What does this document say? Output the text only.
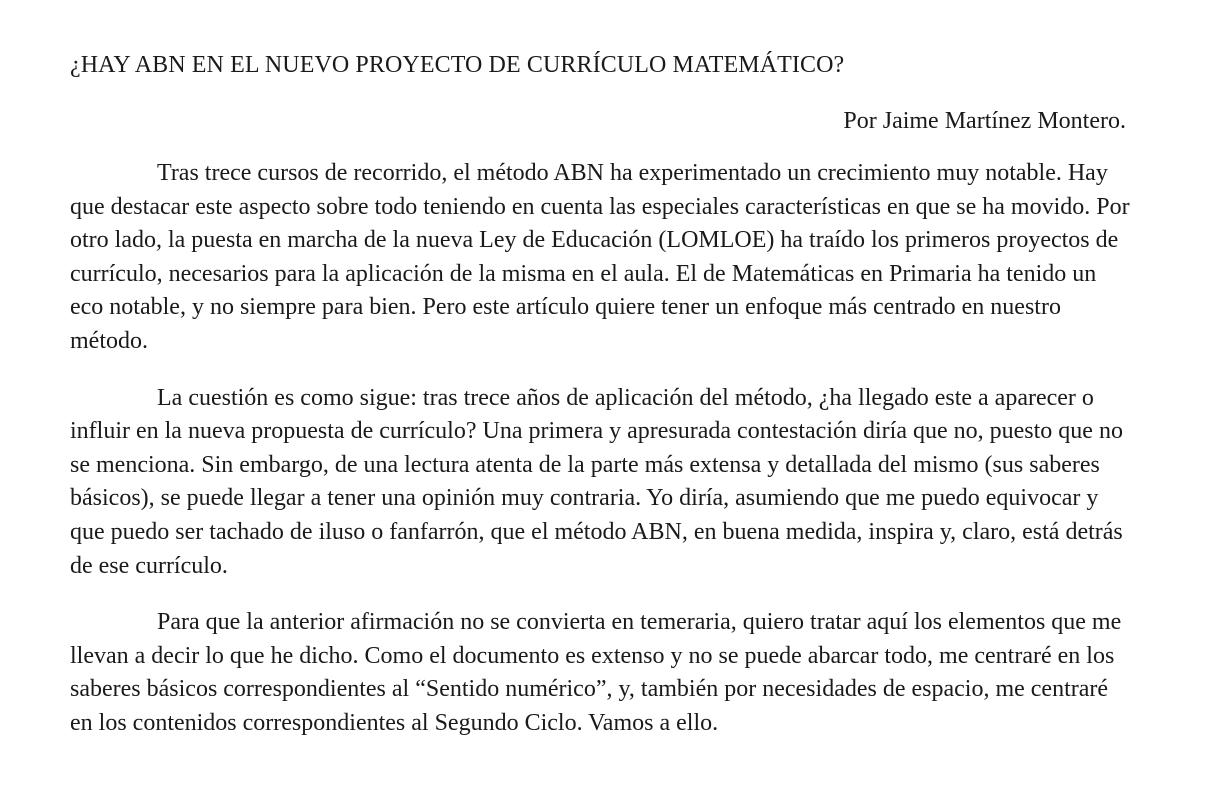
¿HAY ABN EN EL NUEVO PROYECTO DE CURRÍCULO MATEMÁTICO?

Por Jaime Martínez Montero.

Tras trece cursos de recorrido, el método ABN ha experimentado un crecimiento muy notable. Hay que destacar este aspecto sobre todo teniendo en cuenta las especiales características en que se ha movido. Por otro lado, la puesta en marcha de la nueva Ley de Educación (LOMLOE) ha traído los primeros proyectos de currículo, necesarios para la aplicación de la misma en el aula. El de Matemáticas en Primaria ha tenido un eco notable, y no siempre para bien. Pero este artículo quiere tener un enfoque más centrado en nuestro método.

La cuestión es como sigue: tras trece años de aplicación del método, ¿ha llegado este a aparecer o influir en la nueva propuesta de currículo? Una primera y apresurada contestación diría que no, puesto que no se menciona. Sin embargo, de una lectura atenta de la parte más extensa y detallada del mismo (sus saberes básicos), se puede llegar a tener una opinión muy contraria. Yo diría, asumiendo que me puedo equivocar y que puedo ser tachado de iluso o fanfarrón, que el método ABN, en buena medida, inspira y, claro, está detrás de ese currículo.

Para que la anterior afirmación no se convierta en temeraria, quiero tratar aquí los elementos que me llevan a decir lo que he dicho. Como el documento es extenso y no se puede abarcar todo, me centraré en los saberes básicos correspondientes al “Sentido numérico”, y, también por necesidades de espacio, me centraré en los contenidos correspondientes al Segundo Ciclo. Vamos a ello.
